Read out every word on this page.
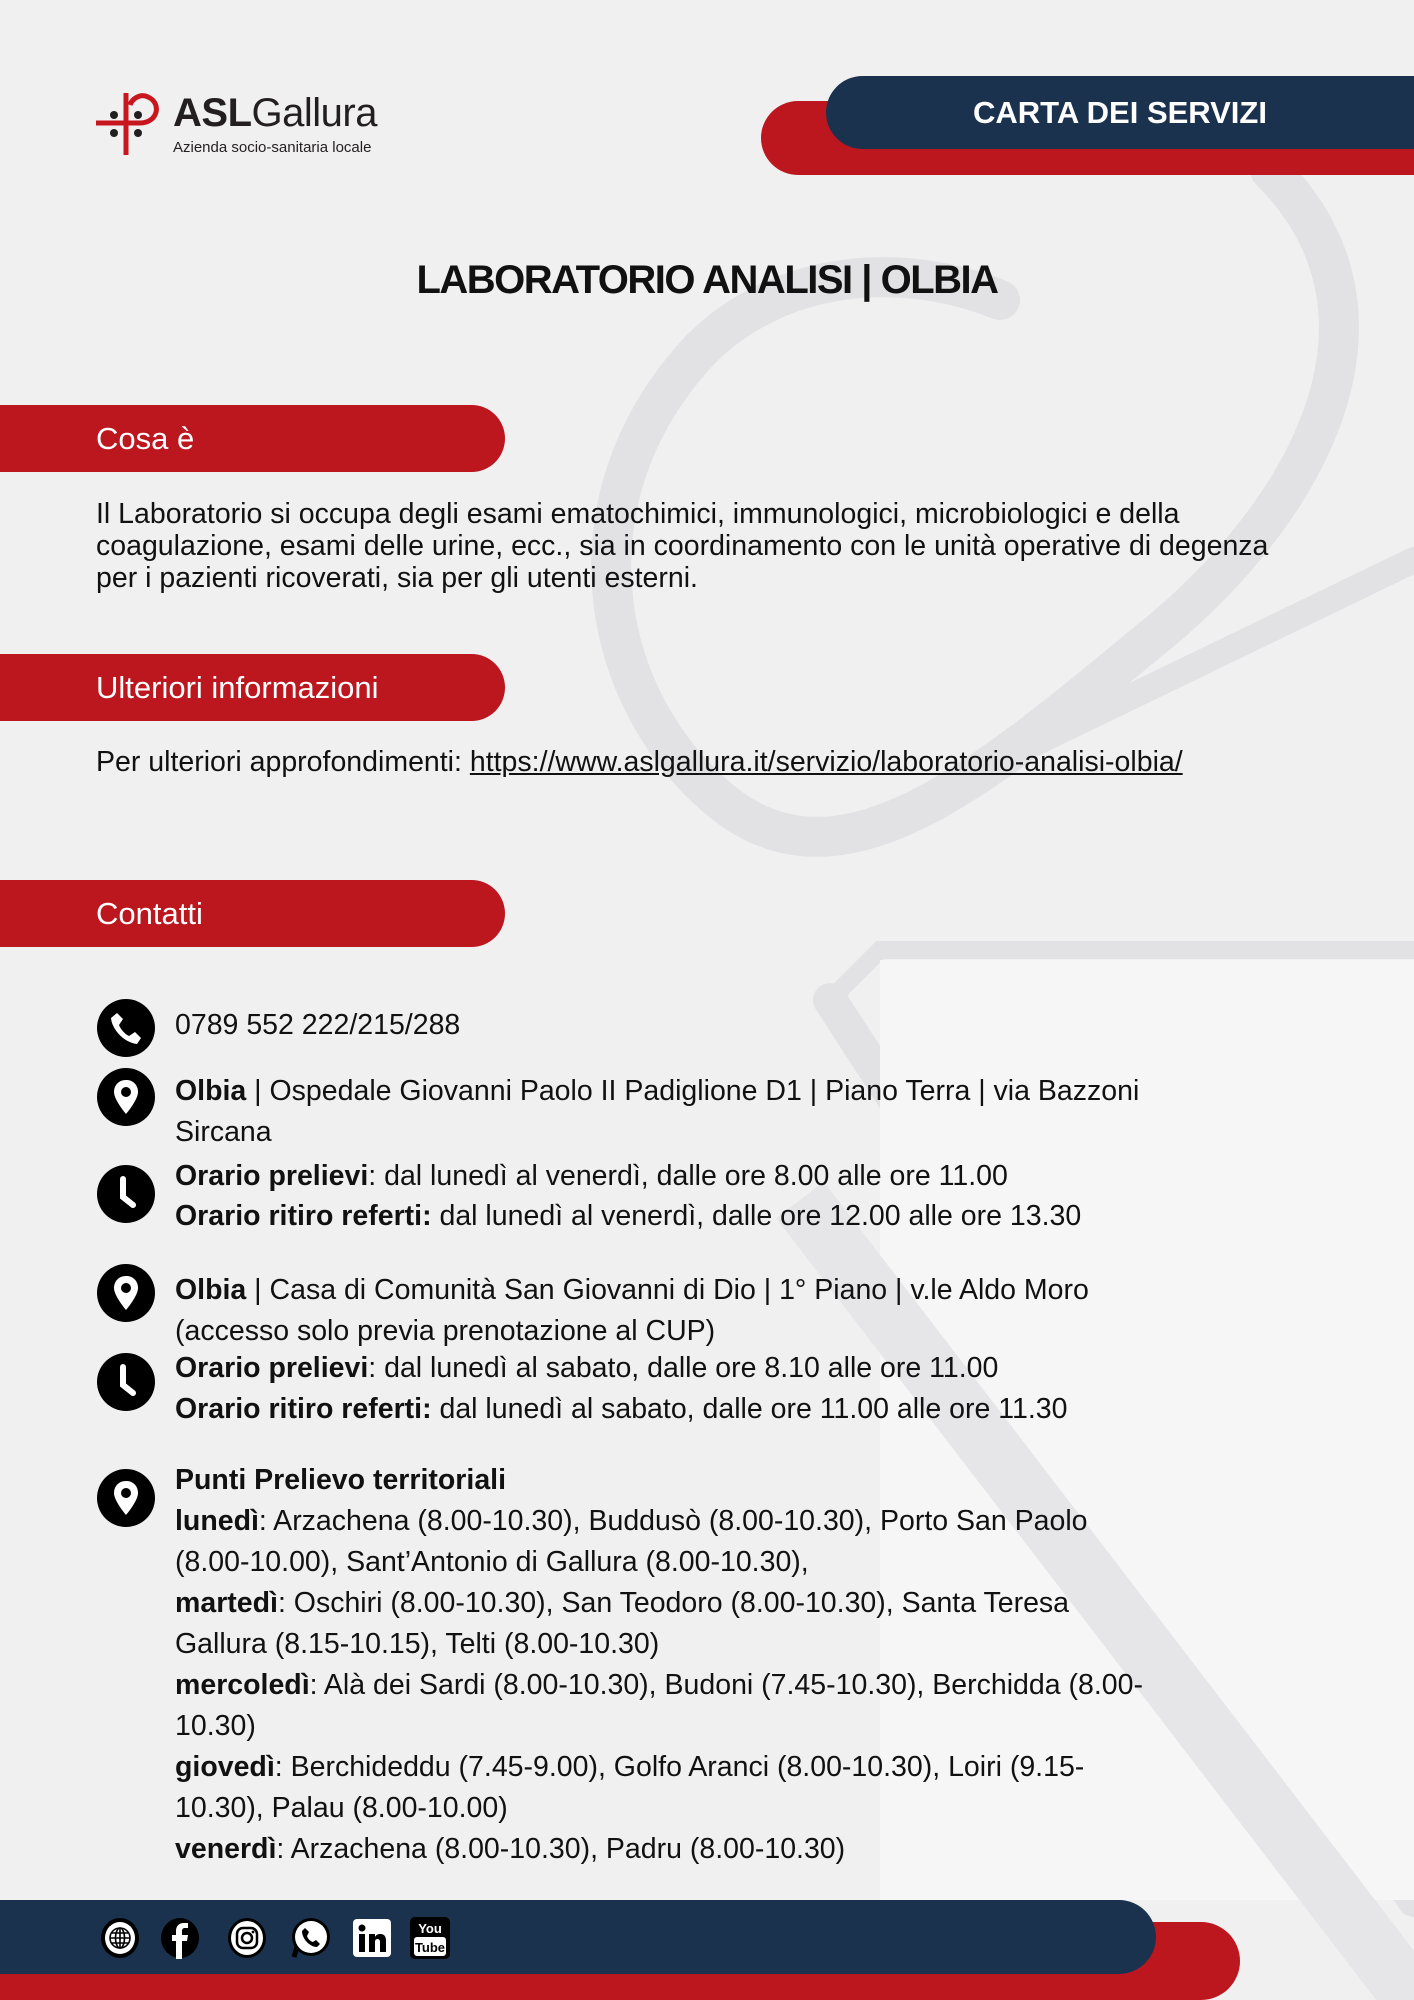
ASLGallura
Azienda socio-sanitaria locale
CARTA DEI SERVIZI
LABORATORIO ANALISI | OLBIA
Cosa è
Il Laboratorio si occupa degli esami ematochimici, immunologici, microbiologici e della coagulazione, esami delle urine, ecc., sia in coordinamento con le unità operative di degenza per i pazienti ricoverati, sia per gli utenti esterni.
Ulteriori informazioni
Per ulteriori approfondimenti: https://www.aslgallura.it/servizio/laboratorio-analisi-olbia/
Contatti
0789 552 222/215/288
Olbia | Ospedale Giovanni Paolo II Padiglione D1 | Piano Terra | via Bazzoni
Sircana
Orario prelievi: dal lunedì al venerdì, dalle ore 8.00 alle ore 11.00
Orario ritiro referti: dal lunedì al venerdì, dalle ore 12.00 alle ore 13.30
Olbia | Casa di Comunità San Giovanni di Dio | 1° Piano | v.le Aldo Moro
(accesso solo previa prenotazione al CUP)
Orario prelievi: dal lunedì al sabato, dalle ore 8.10 alle ore 11.00
Orario ritiro referti: dal lunedì al sabato, dalle ore 11.00 alle ore 11.30
Punti Prelievo territoriali
lunedì: Arzachena (8.00-10.30), Buddusò (8.00-10.30), Porto San Paolo
(8.00-10.00), Sant’Antonio di Gallura (8.00-10.30),
martedì: Oschiri (8.00-10.30), San Teodoro (8.00-10.30), Santa Teresa
Gallura (8.15-10.15), Telti (8.00-10.30)
mercoledì: Alà dei Sardi (8.00-10.30), Budoni (7.45-10.30), Berchidda (8.00-
10.30)
giovedì: Berchideddu (7.45-9.00), Golfo Aranci (8.00-10.30), Loiri (9.15-
10.30), Palau (8.00-10.00)
venerdì: Arzachena (8.00-10.30), Padru (8.00-10.30)
You
Tube
